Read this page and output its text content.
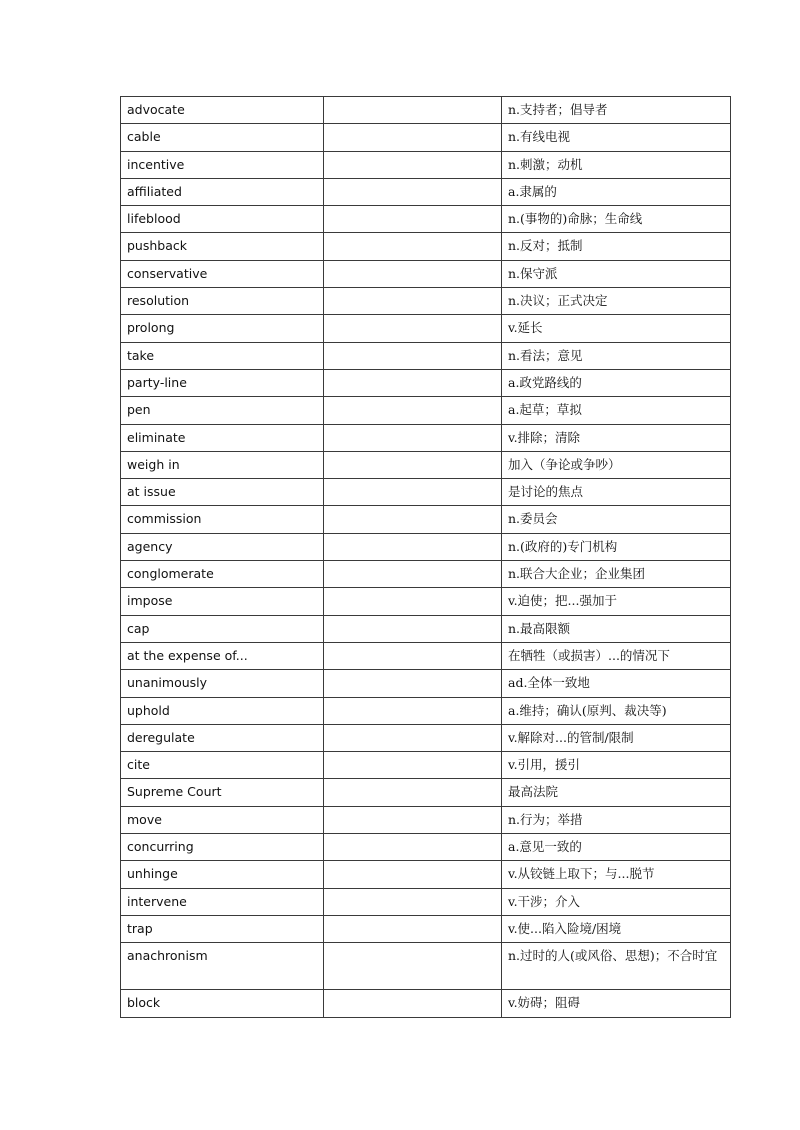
advocate		n.支持者；倡导者
cable		n.有线电视
incentive		n.刺激；动机
affiliated		a.隶属的
lifeblood		n.(事物的)命脉；生命线
pushback		n.反对；抵制
conservative		n.保守派
resolution		n.决议；正式决定
prolong		v.延长
take		n.看法；意见
party-line		a.政党路线的
pen		a.起草；草拟
eliminate		v.排除；清除
weigh in		加入（争论或争吵）
at issue		是讨论的焦点
commission		n.委员会
agency		n.(政府的)专门机构
conglomerate		n.联合大企业；企业集团
impose		v.迫使；把...强加于
cap		n.最高限额
at the expense of...		在牺牲（或损害）...的情况下
unanimously		ad.全体一致地
uphold		a.维持；确认(原判、裁决等)
deregulate		v.解除对...的管制/限制
cite		v.引用，援引
Supreme Court		最高法院
move		n.行为；举措
concurring		a.意见一致的
unhinge		v.从铰链上取下；与...脱节
intervene		v.干涉；介入
trap		v.使...陷入险境/困境
anachronism		n.过时的人(或风俗、思想)；不合时宜
block		v.妨碍；阻碍
